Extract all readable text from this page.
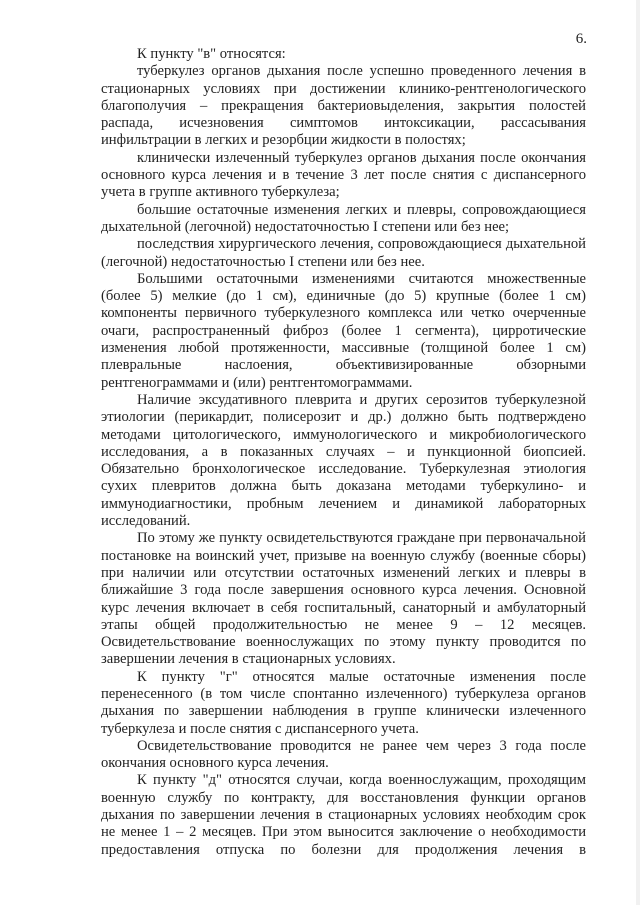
6.
К пункту "в" относятся:
туберкулез органов дыхания после успешно проведенного лечения в
стационарных условиях при достижении клинико-рентгенологического
благополучия – прекращения бактериовыделения, закрытия полостей
распада, исчезновения симптомов интоксикации, рассасывания
инфильтрации в легких и резорбции жидкости в полостях;
клинически излеченный туберкулез органов дыхания после окончания
основного курса лечения и в течение 3 лет после снятия с диспансерного
учета в группе активного туберкулеза;
большие остаточные изменения легких и плевры, сопровождающиеся
дыхательной (легочной) недостаточностью I степени или без нее;
последствия хирургического лечения, сопровождающиеся дыхательной
(легочной) недостаточностью I степени или без нее.
Большими остаточными изменениями считаются множественные
(более 5) мелкие (до 1 см), единичные (до 5) крупные (более 1 см)
компоненты первичного туберкулезного комплекса или четко очерченные
очаги, распространенный фиброз (более 1 сегмента), цирротические
изменения любой протяженности, массивные (толщиной более 1 см)
плевральные наслоения, объективизированные обзорными
рентгенограммами и (или) рентгентомограммами.
Наличие эксудативного плеврита и других серозитов туберкулезной
этиологии (перикардит, полисерозит и др.) должно быть подтверждено
методами цитологического, иммунологического и микробиологического
исследования, а в показанных случаях – и пункционной биопсией.
Обязательно бронхологическое исследование. Туберкулезная этиология
сухих плевритов должна быть доказана методами туберкулино- и
иммунодиагностики, пробным лечением и динамикой лабораторных
исследований.
По этому же пункту освидетельствуются граждане при первоначальной
постановке на воинский учет, призыве на военную службу (военные сборы)
при наличии или отсутствии остаточных изменений легких и плевры в
ближайшие 3 года после завершения основного курса лечения. Основной
курс лечения включает в себя госпитальный, санаторный и амбулаторный
этапы общей продолжительностью не менее 9 – 12 месяцев.
Освидетельствование военнослужащих по этому пункту проводится по
завершении лечения в стационарных условиях.
К пункту "г" относятся малые остаточные изменения после
перенесенного (в том числе спонтанно излеченного) туберкулеза органов
дыхания по завершении наблюдения в группе клинически излеченного
туберкулеза и после снятия с диспансерного учета.
Освидетельствование проводится не ранее чем через 3 года после
окончания основного курса лечения.
К пункту "д" относятся случаи, когда военнослужащим, проходящим
военную службу по контракту, для восстановления функции органов
дыхания по завершении лечения в стационарных условиях необходим срок
не менее 1 – 2 месяцев. При этом выносится заключение о необходимости
предоставления отпуска по болезни для продолжения лечения в
